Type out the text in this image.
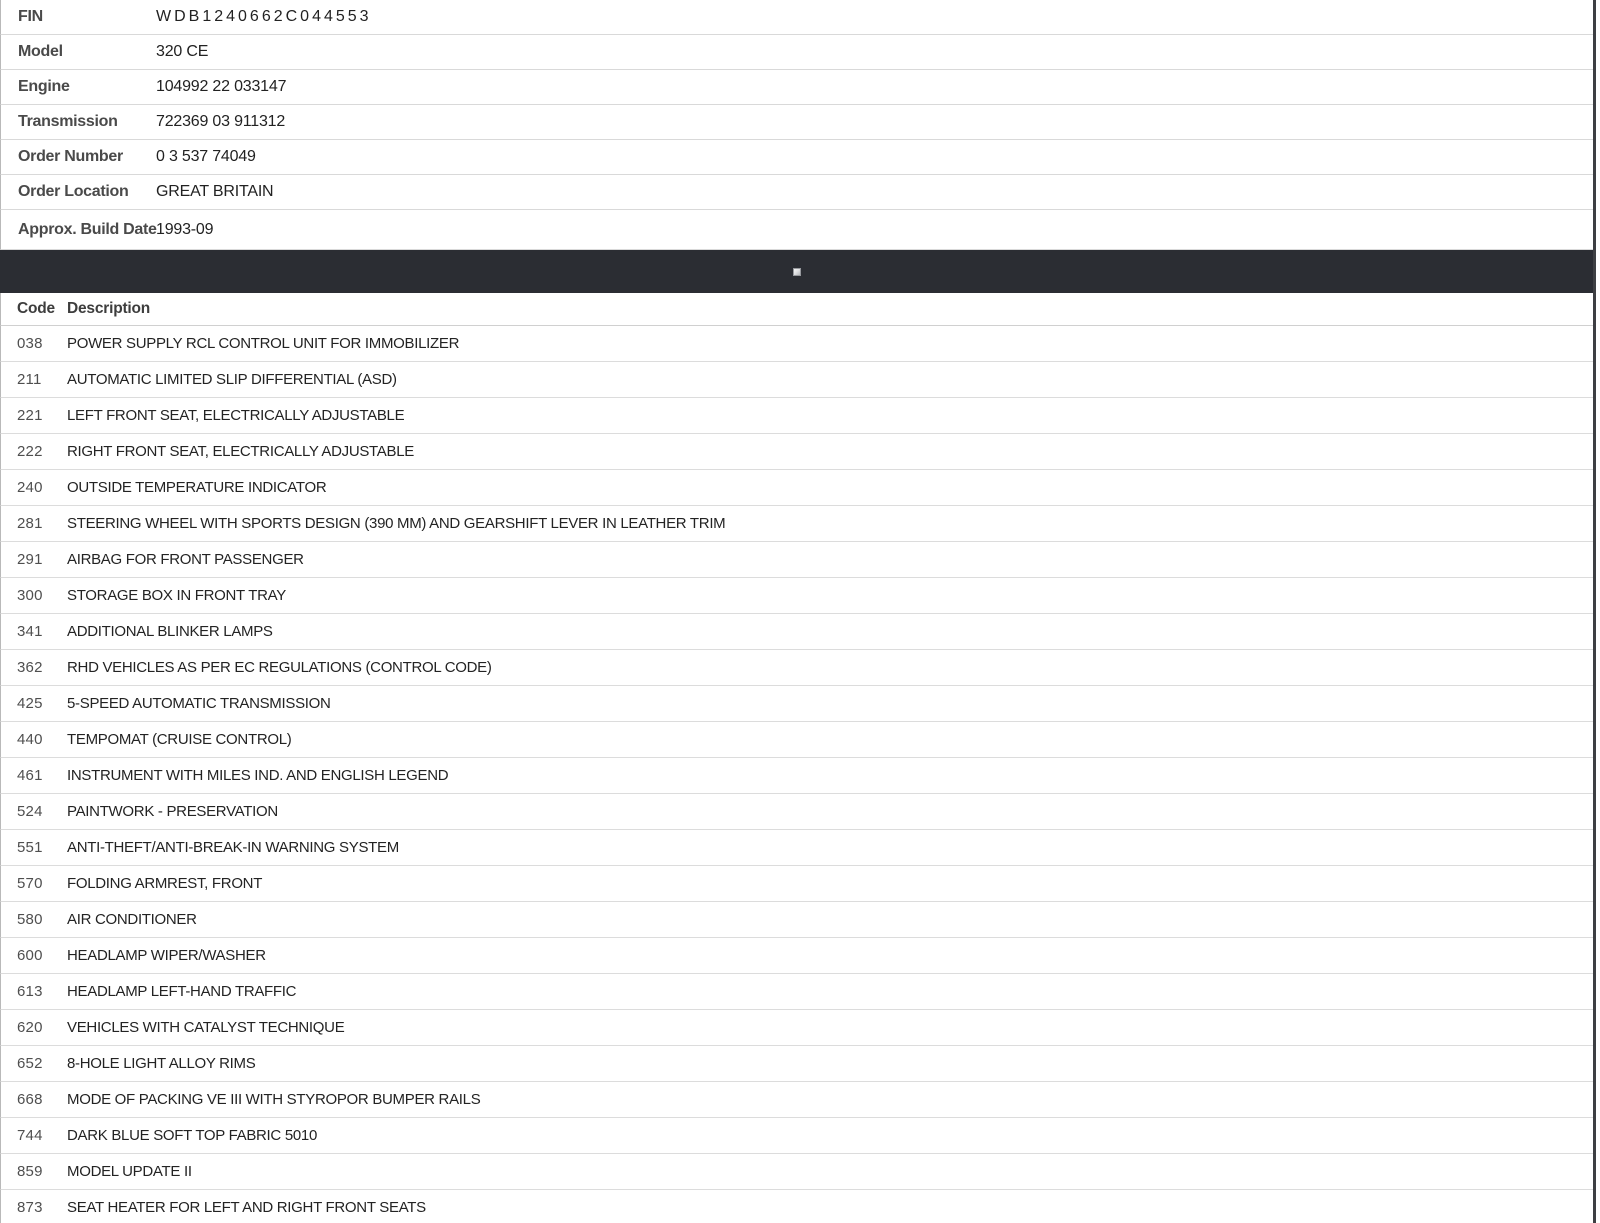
FIN	WDB1240662C044553
Model	320 CE
Engine	104992 22 033147
Transmission	722369 03 911312
Order Number	0 3 537 74049
Order Location	GREAT BRITAIN
Approx. Build Date 1993-09
Code Description
038	POWER SUPPLY RCL CONTROL UNIT FOR IMMOBILIZER
211	AUTOMATIC LIMITED SLIP DIFFERENTIAL (ASD)
221	LEFT FRONT SEAT, ELECTRICALLY ADJUSTABLE
222	RIGHT FRONT SEAT, ELECTRICALLY ADJUSTABLE
240	OUTSIDE TEMPERATURE INDICATOR
281	STEERING WHEEL WITH SPORTS DESIGN (390 MM) AND GEARSHIFT LEVER IN LEATHER TRIM
291	AIRBAG FOR FRONT PASSENGER
300	STORAGE BOX IN FRONT TRAY
341	ADDITIONAL BLINKER LAMPS
362	RHD VEHICLES AS PER EC REGULATIONS (CONTROL CODE)
425	5-SPEED AUTOMATIC TRANSMISSION
440	TEMPOMAT (CRUISE CONTROL)
461	INSTRUMENT WITH MILES IND. AND ENGLISH LEGEND
524	PAINTWORK - PRESERVATION
551	ANTI-THEFT/ANTI-BREAK-IN WARNING SYSTEM
570	FOLDING ARMREST, FRONT
580	AIR CONDITIONER
600	HEADLAMP WIPER/WASHER
613	HEADLAMP LEFT-HAND TRAFFIC
620	VEHICLES WITH CATALYST TECHNIQUE
652	8-HOLE LIGHT ALLOY RIMS
668	MODE OF PACKING VE III WITH STYROPOR BUMPER RAILS
744	DARK BLUE SOFT TOP FABRIC 5010
859	MODEL UPDATE II
873	SEAT HEATER FOR LEFT AND RIGHT FRONT SEATS
